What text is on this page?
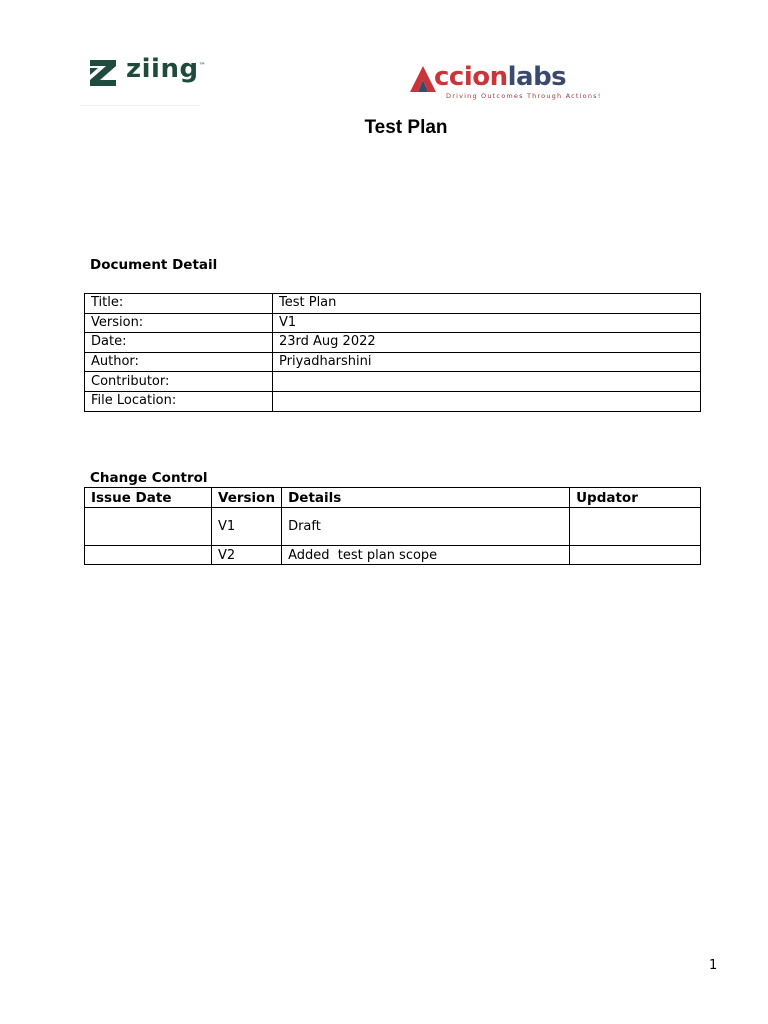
ziing™	ccionlabs
Driving Outcomes Through Actions!
Test Plan
Document Detail
Title:	Test Plan
Version:	V1
Date:	23rd Aug 2022
Author:	Priyadharshini
Contributor:	
File Location:	
Change Control
Issue Date	Version	Details	Updator
	V1	Draft	
	V2	Added  test plan scope	
1
